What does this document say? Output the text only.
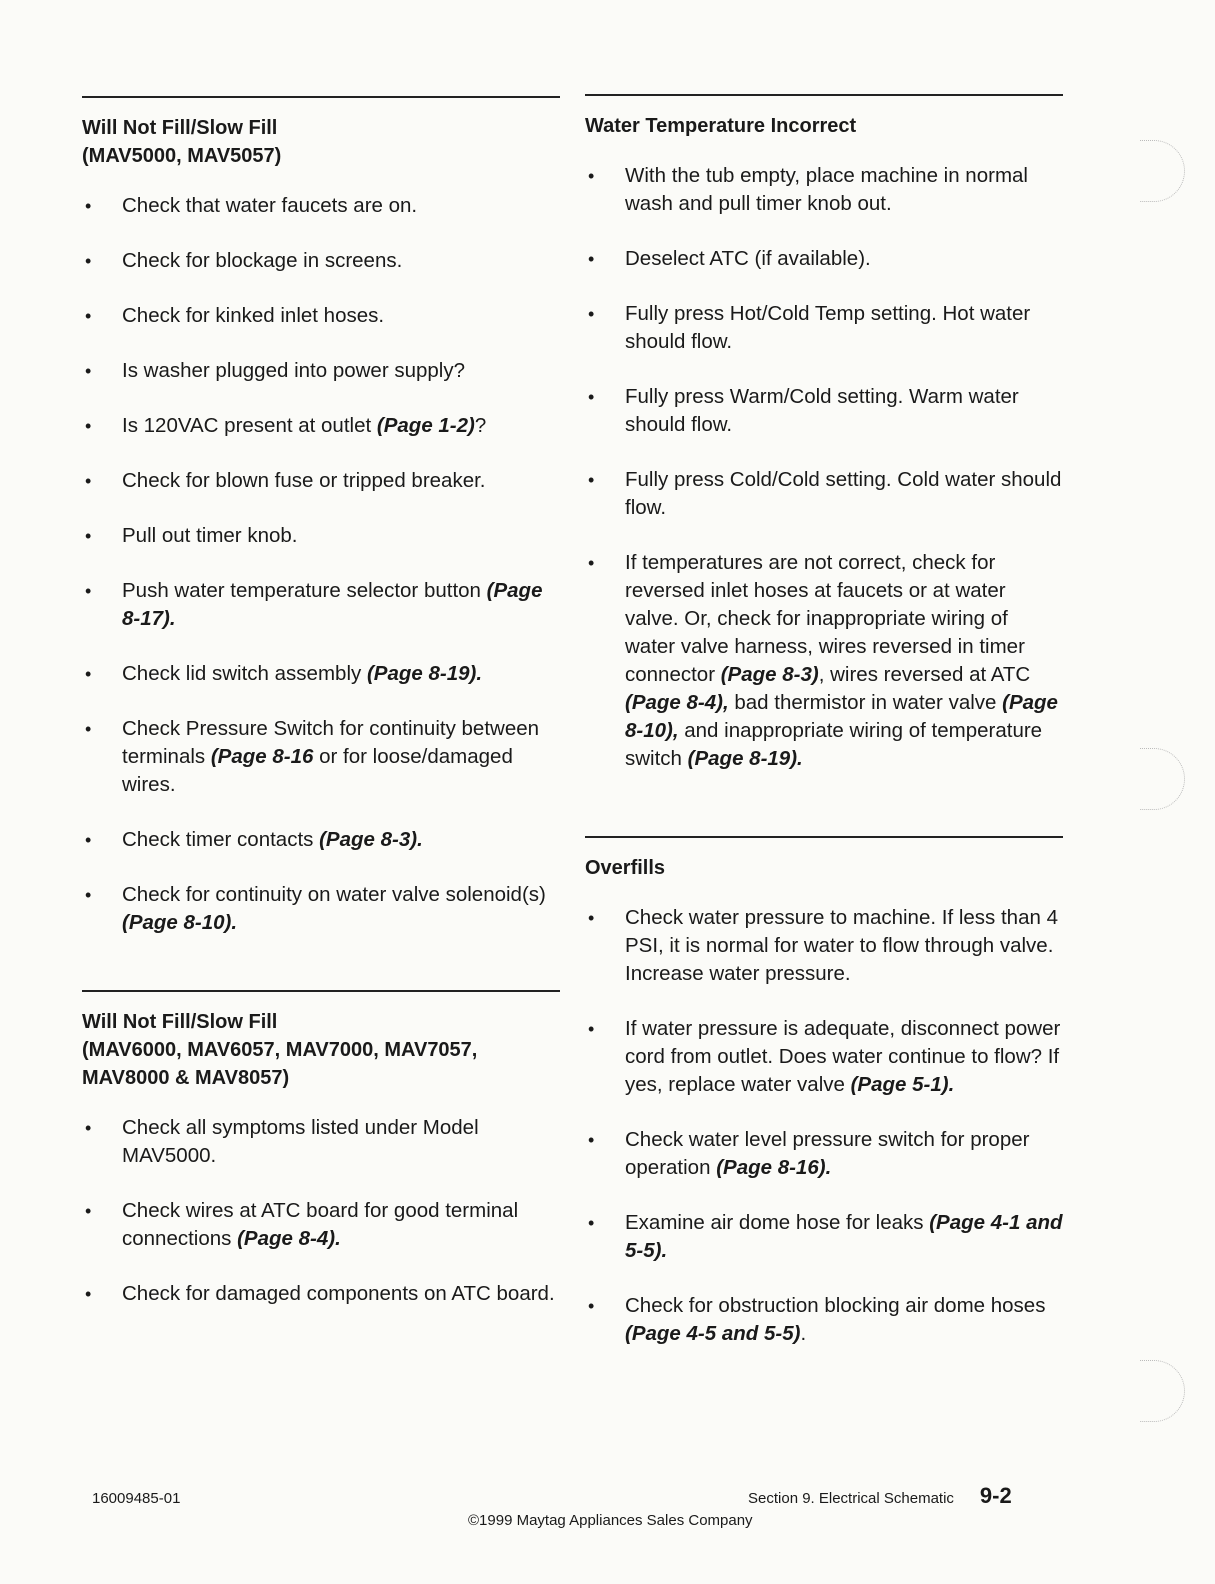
Will Not Fill/Slow Fill
(MAV5000, MAV5057)
• Check that water faucets are on.
• Check for blockage in screens.
• Check for kinked inlet hoses.
• Is washer plugged into power supply?
• Is 120VAC present at outlet (Page 1-2)?
• Check for blown fuse or tripped breaker.
• Pull out timer knob.
• Push water temperature selector button (Page 8-17).
• Check lid switch assembly (Page 8-19).
• Check Pressure Switch for continuity between terminals (Page 8-16 or for loose/damaged wires.
• Check timer contacts (Page 8-3).
• Check for continuity on water valve solenoid(s) (Page 8-10).
Will Not Fill/Slow Fill
(MAV6000, MAV6057, MAV7000, MAV7057,
MAV8000 & MAV8057)
• Check all symptoms listed under Model MAV5000.
• Check wires at ATC board for good terminal connections (Page 8-4).
• Check for damaged components on ATC board.
Water Temperature Incorrect
• With the tub empty, place machine in normal wash and pull timer knob out.
• Deselect ATC (if available).
• Fully press Hot/Cold Temp setting. Hot water should flow.
• Fully press Warm/Cold setting. Warm water should flow.
• Fully press Cold/Cold setting. Cold water should flow.
• If temperatures are not correct, check for reversed inlet hoses at faucets or at water valve. Or, check for inappropriate wiring of water valve harness, wires reversed in timer connector (Page 8-3), wires reversed at ATC (Page 8-4), bad thermistor in water valve (Page 8-10), and inappropriate wiring of temperature switch (Page 8-19).
Overfills
• Check water pressure to machine. If less than 4 PSI, it is normal for water to flow through valve. Increase water pressure.
• If water pressure is adequate, disconnect power cord from outlet. Does water continue to flow? If yes, replace water valve (Page 5-1).
• Check water level pressure switch for proper operation (Page 8-16).
• Examine air dome hose for leaks (Page 4-1 and 5-5).
• Check for obstruction blocking air dome hoses (Page 4-5 and 5-5).
16009485-01	Section 9. Electrical Schematic 9-2
©1999 Maytag Appliances Sales Company
